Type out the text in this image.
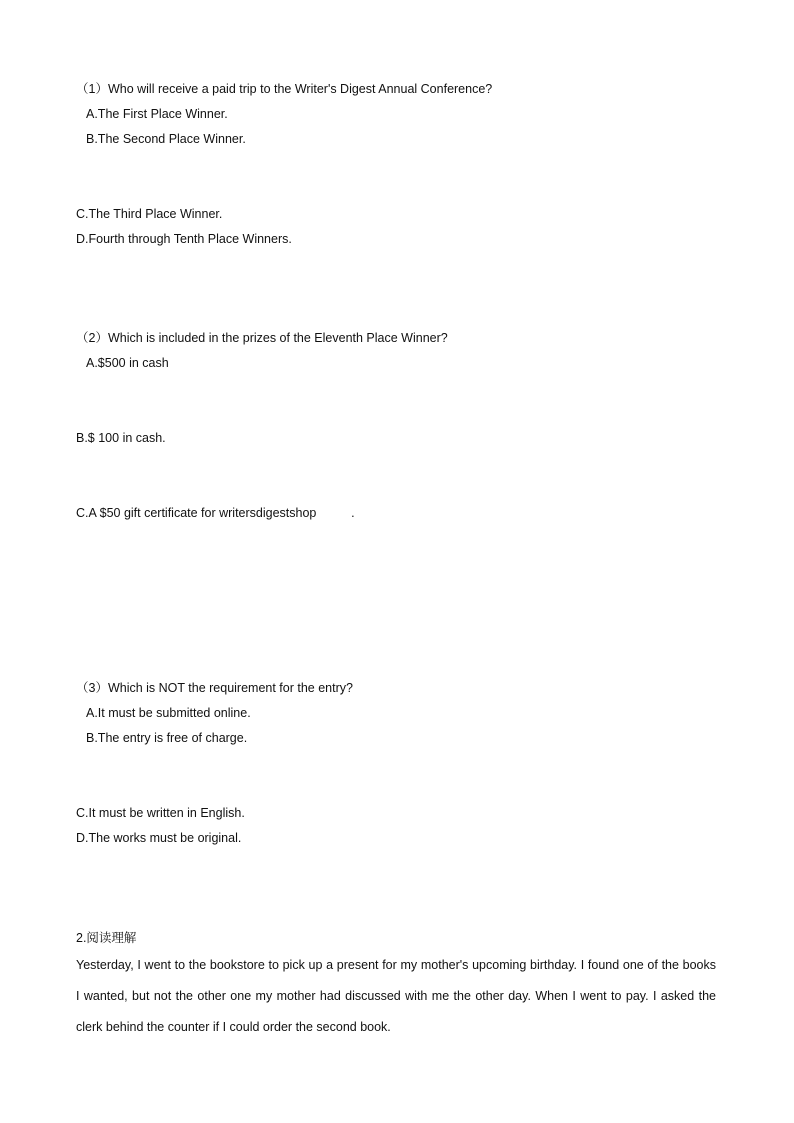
（1）Who will receive a paid trip to the Writer's Digest Annual Conference?
A.The First Place Winner.
B.The Second Place Winner.
C.The Third Place Winner.
D.Fourth through Tenth Place Winners.
（2）Which is included in the prizes of the Eleventh Place Winner?
A.$500 in cash
B.$ 100 in cash.
C.A $50 gift certificate for writersdigestshop          .
（3）Which is NOT the requirement for the entry?
A.It must be submitted online.
B.The entry is free of charge.
C.It must be written in English.
D.The works must be original.
2.阅读理解
Yesterday, I went to the bookstore to pick up a present for my mother's upcoming birthday. I found one of the books I wanted, but not the other one my mother had discussed with me the other day. When I went to pay. I asked the clerk behind the counter if I could order the second book.
